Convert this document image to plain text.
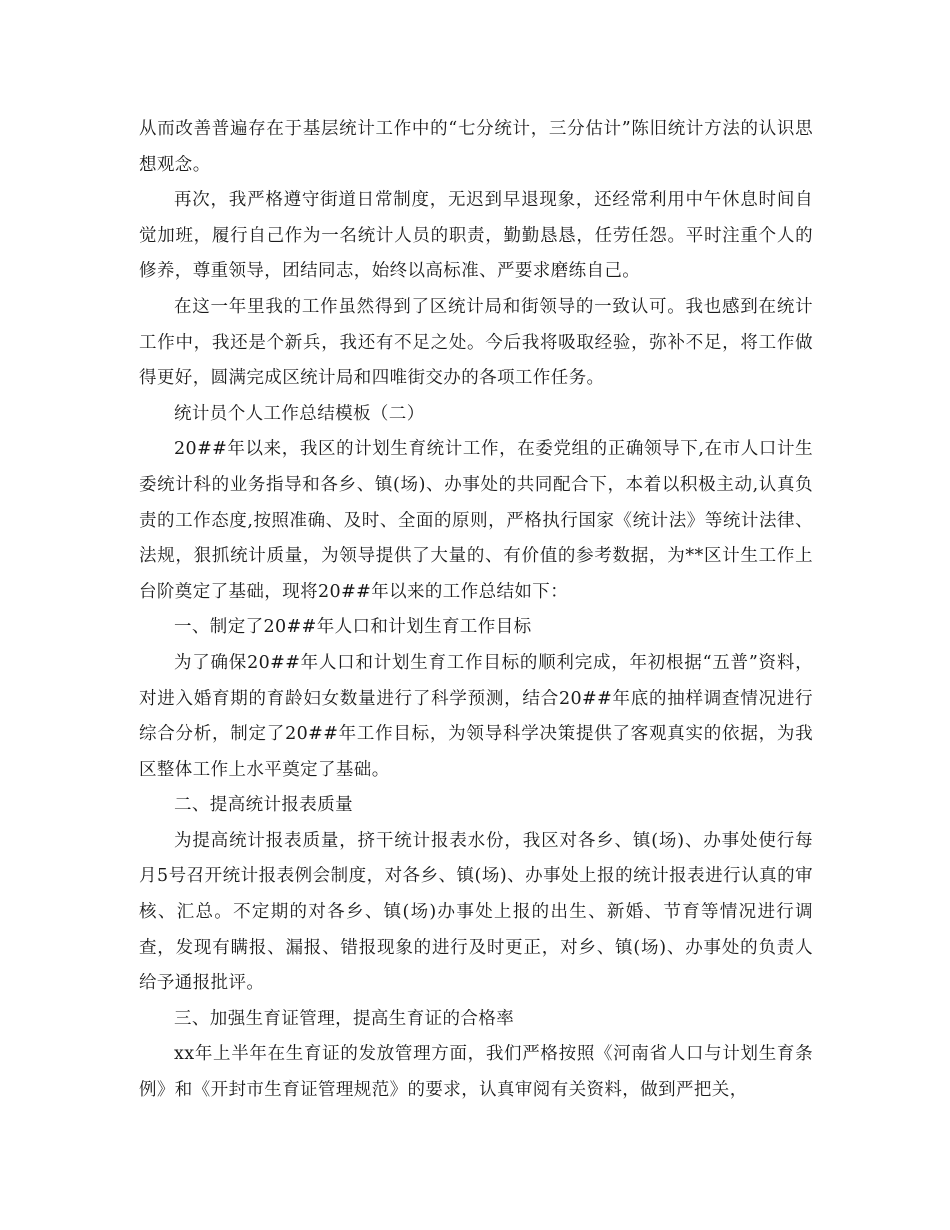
从而改善普遍存在于基层统计工作中的“七分统计，三分估计”陈旧统计方法的认识思想观念。

再次，我严格遵守街道日常制度，无迟到早退现象，还经常利用中午休息时间自觉加班，履行自己作为一名统计人员的职责，勤勤恳恳，任劳任怨。平时注重个人的修养，尊重领导，团结同志，始终以高标准、严要求磨练自己。

在这一年里我的工作虽然得到了区统计局和街领导的一致认可。我也感到在统计工作中，我还是个新兵，我还有不足之处。今后我将吸取经验，弥补不足，将工作做得更好，圆满完成区统计局和四唯街交办的各项工作任务。

统计员个人工作总结模板（二）

20##年以来，我区的计划生育统计工作，在委党组的正确领导下,在市人口计生委统计科的业务指导和各乡、镇(场)、办事处的共同配合下，本着以积极主动,认真负责的工作态度,按照准确、及时、全面的原则，严格执行国家《统计法》等统计法律、法规，狠抓统计质量，为领导提供了大量的、有价值的参考数据，为**区计生工作上台阶奠定了基础，现将20##年以来的工作总结如下：

一、制定了20##年人口和计划生育工作目标

为了确保20##年人口和计划生育工作目标的顺利完成，年初根据“五普”资料，对进入婚育期的育龄妇女数量进行了科学预测，结合20##年底的抽样调查情况进行综合分析，制定了20##年工作目标，为领导科学决策提供了客观真实的依据，为我区整体工作上水平奠定了基础。

二、提高统计报表质量

为提高统计报表质量，挤干统计报表水份，我区对各乡、镇(场)、办事处使行每月5号召开统计报表例会制度，对各乡、镇(场)、办事处上报的统计报表进行认真的审核、汇总。不定期的对各乡、镇(场)办事处上报的出生、新婚、节育等情况进行调查，发现有瞒报、漏报、错报现象的进行及时更正，对乡、镇(场)、办事处的负责人给予通报批评。

三、加强生育证管理，提高生育证的合格率

xx年上半年在生育证的发放管理方面，我们严格按照《河南省人口与计划生育条例》和《开封市生育证管理规范》的要求，认真审阅有关资料，做到严把关，
